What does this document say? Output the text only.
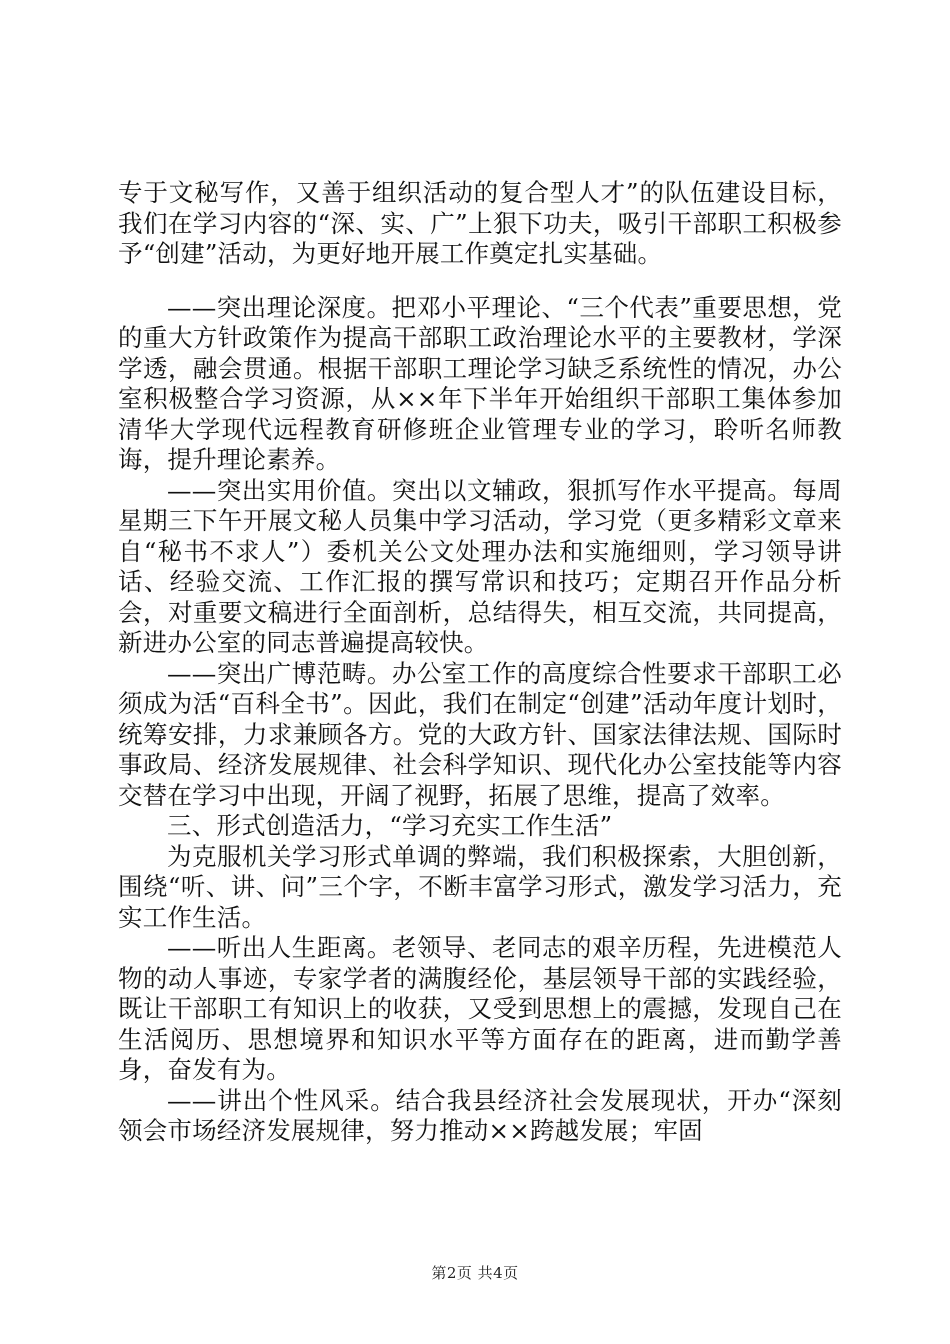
专于文秘写作，又善于组织活动的复合型人才”的队伍建设目标，我们在学习内容的“深、实、广”上狠下功夫，吸引干部职工积极参予“创建”活动，为更好地开展工作奠定扎实基础。

——突出理论深度。把邓小平理论、“三个代表”重要思想，党的重大方针政策作为提高干部职工政治理论水平的主要教材，学深学透，融会贯通。根据干部职工理论学习缺乏系统性的情况，办公室积极整合学习资源，从××年下半年开始组织干部职工集体参加清华大学现代远程教育研修班企业管理专业的学习，聆听名师教诲，提升理论素养。

——突出实用价值。突出以文辅政，狠抓写作水平提高。每周星期三下午开展文秘人员集中学习活动，学习党（更多精彩文章来自“秘书不求人”）委机关公文处理办法和实施细则，学习领导讲话、经验交流、工作汇报的撰写常识和技巧；定期召开作品分析会，对重要文稿进行全面剖析，总结得失，相互交流，共同提高，新进办公室的同志普遍提高较快。

——突出广博范畴。办公室工作的高度综合性要求干部职工必须成为活“百科全书”。因此，我们在制定“创建”活动年度计划时，统筹安排，力求兼顾各方。党的大政方针、国家法律法规、国际时事政局、经济发展规律、社会科学知识、现代化办公室技能等内容交替在学习中出现，开阔了视野，拓展了思维，提高了效率。

三、形式创造活力，“学习充实工作生活”

为克服机关学习形式单调的弊端，我们积极探索，大胆创新，围绕“听、讲、问”三个字，不断丰富学习形式，激发学习活力，充实工作生活。

——听出人生距离。老领导、老同志的艰辛历程，先进模范人物的动人事迹，专家学者的满腹经伦，基层领导干部的实践经验，既让干部职工有知识上的收获，又受到思想上的震撼，发现自己在生活阅历、思想境界和知识水平等方面存在的距离，进而勤学善身，奋发有为。

——讲出个性风采。结合我县经济社会发展现状，开办“深刻领会市场经济发展规律，努力推动××跨越发展；牢固

第2页 共4页
